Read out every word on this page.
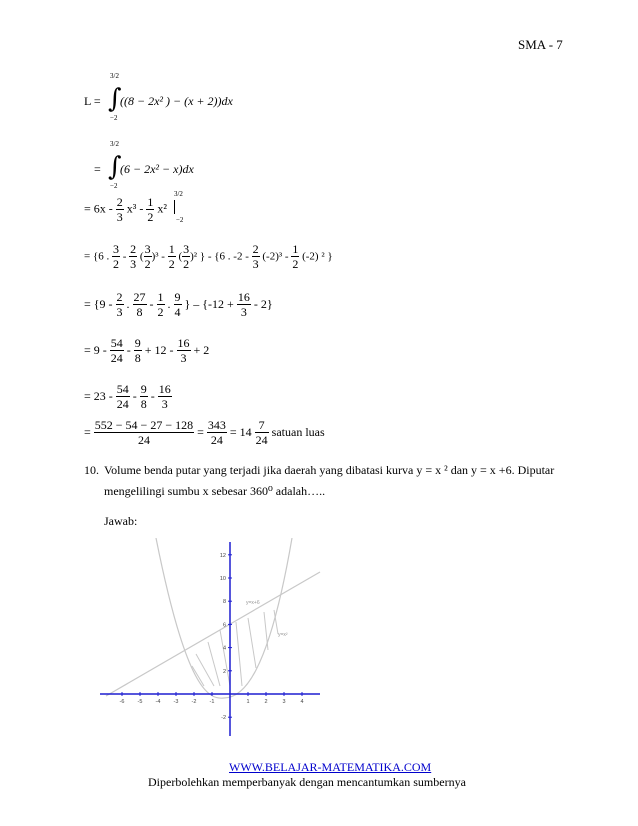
SMA - 7
3/2
L = ∫
((8 − 2x² ) − (x + 2))dx
−2
3/2
= ∫
(6 − 2x² − x)dx
−2
= $6x - \frac{2}{3} x^3 - \frac{1}{2} x^2$
3/2
−2
= {6 . $\frac{3}{2} - \frac{2}{3}$ ( $\frac{3}{2} )^3 - \frac{1}{2}$ ( $\frac{3}{2} )^2$ } - {6 . $-2 - \frac{2}{3} (-2)^3 - \frac{1}{2} (-2)$ ² }
= {$9 - \frac{2}{3}$ . $\frac{27}{8} - \frac{1}{2}$ . $\frac{9}{4}$ } – $\{-12 + \frac{16}{3} - 2\}$
= $9 - \frac{54}{24} - \frac{9}{8} + 12 - \frac{16}{3} + 2$
= $23 - \frac{54}{24} - \frac{9}{8} - \frac{16}{3}$
= $\frac{552 - 54 - 27 - 128}{24} = \frac{343}{24} = 14 \frac{7}{24}$ satuan luas
10. Volume benda putar yang terjadi jika daerah yang dibatasi kurva y = x ² dan y = x +6. Diputar
mengelilingi sumbu x sebesar 360⁰ adalah…..
Jawab:
-6 -5 -4 -3 -2 -1	1	2	3	4
12
10
8
6
4
2
-2
y=x+6
y=x²
WWW.BELAJAR-MATEMATIKA.COM
Diperbolehkan memperbanyak dengan mencantumkan sumbernya
